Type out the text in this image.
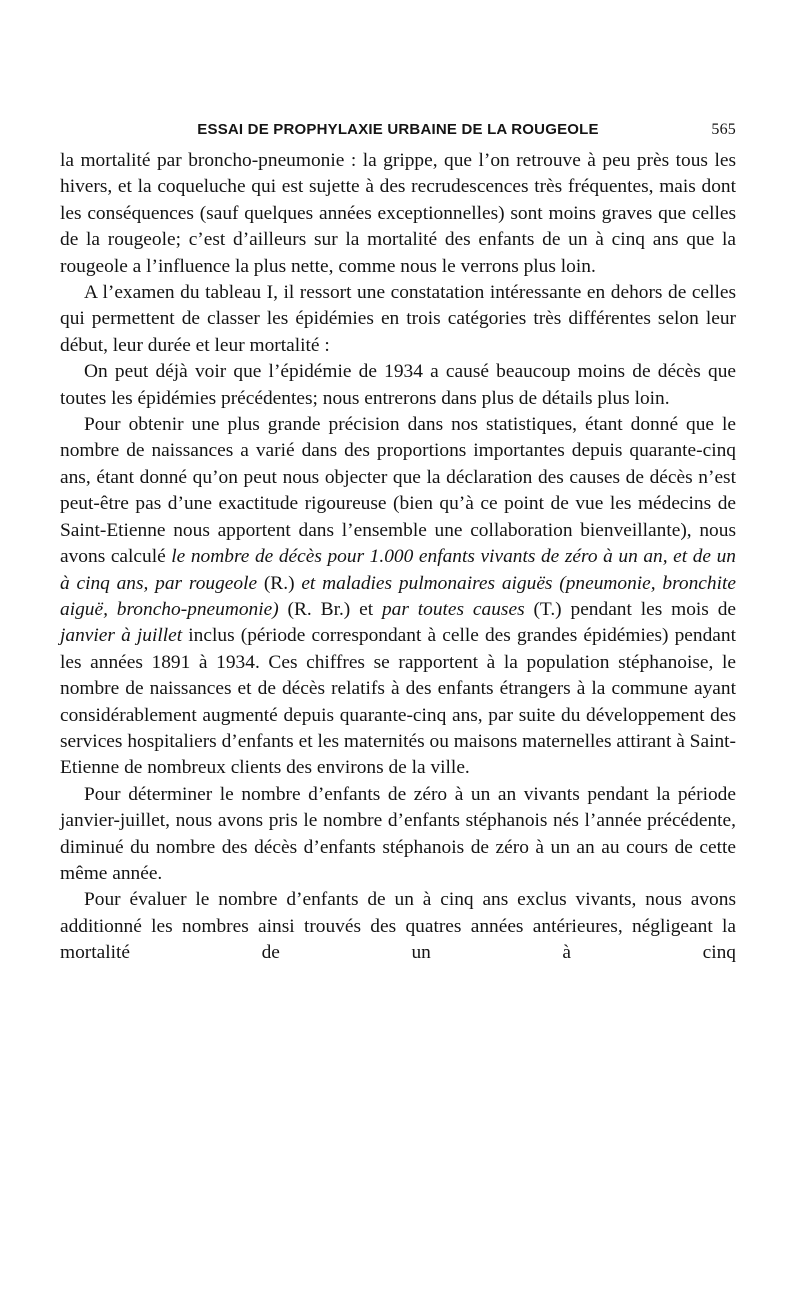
ESSAI DE PROPHYLAXIE URBAINE DE LA ROUGEOLE	565

la mortalité par broncho-pneumonie : la grippe, que l’on retrouve à peu près tous les hivers, et la coqueluche qui est sujette à des recrudescences très fréquentes, mais dont les conséquences (sauf quelques années exceptionnelles) sont moins graves que celles de la rougeole; c’est d’ailleurs sur la mortalité des enfants de un à cinq ans que la rougeole a l’influence la plus nette, comme nous le verrons plus loin.

A l’examen du tableau I, il ressort une constatation intéressante en dehors de celles qui permettent de classer les épidémies en trois catégories très différentes selon leur début, leur durée et leur mortalité :

On peut déjà voir que l’épidémie de 1934 a causé beaucoup moins de décès que toutes les épidémies précédentes; nous entrerons dans plus de détails plus loin.

Pour obtenir une plus grande précision dans nos statistiques, étant donné que le nombre de naissances a varié dans des proportions importantes depuis quarante-cinq ans, étant donné qu’on peut nous objecter que la déclaration des causes de décès n’est peut-être pas d’une exactitude rigoureuse (bien qu’à ce point de vue les médecins de Saint-Etienne nous apportent dans l’ensemble une collaboration bienveillante), nous avons calculé le nombre de décès pour 1.000 enfants vivants de zéro à un an, et de un à cinq ans, par rougeole (R.) et maladies pulmonaires aiguës (pneumonie, bronchite aiguë, broncho-pneumonie) (R. Br.) et par toutes causes (T.) pendant les mois de janvier à juillet inclus (période correspondant à celle des grandes épidémies) pendant les années 1891 à 1934. Ces chiffres se rapportent à la population stéphanoise, le nombre de naissances et de décès relatifs à des enfants étrangers à la commune ayant considérablement augmenté depuis quarante-cinq ans, par suite du développement des services hospitaliers d’enfants et les maternités ou maisons maternelles attirant à Saint-Etienne de nombreux clients des environs de la ville.

Pour déterminer le nombre d’enfants de zéro à un an vivants pendant la période janvier-juillet, nous avons pris le nombre d’enfants stéphanois nés l’année précédente, diminué du nombre des décès d’enfants stéphanois de zéro à un an au cours de cette même année.

Pour évaluer le nombre d’enfants de un à cinq ans exclus vivants, nous avons additionné les nombres ainsi trouvés des quatres années antérieures, négligeant la mortalité de un à cinq
